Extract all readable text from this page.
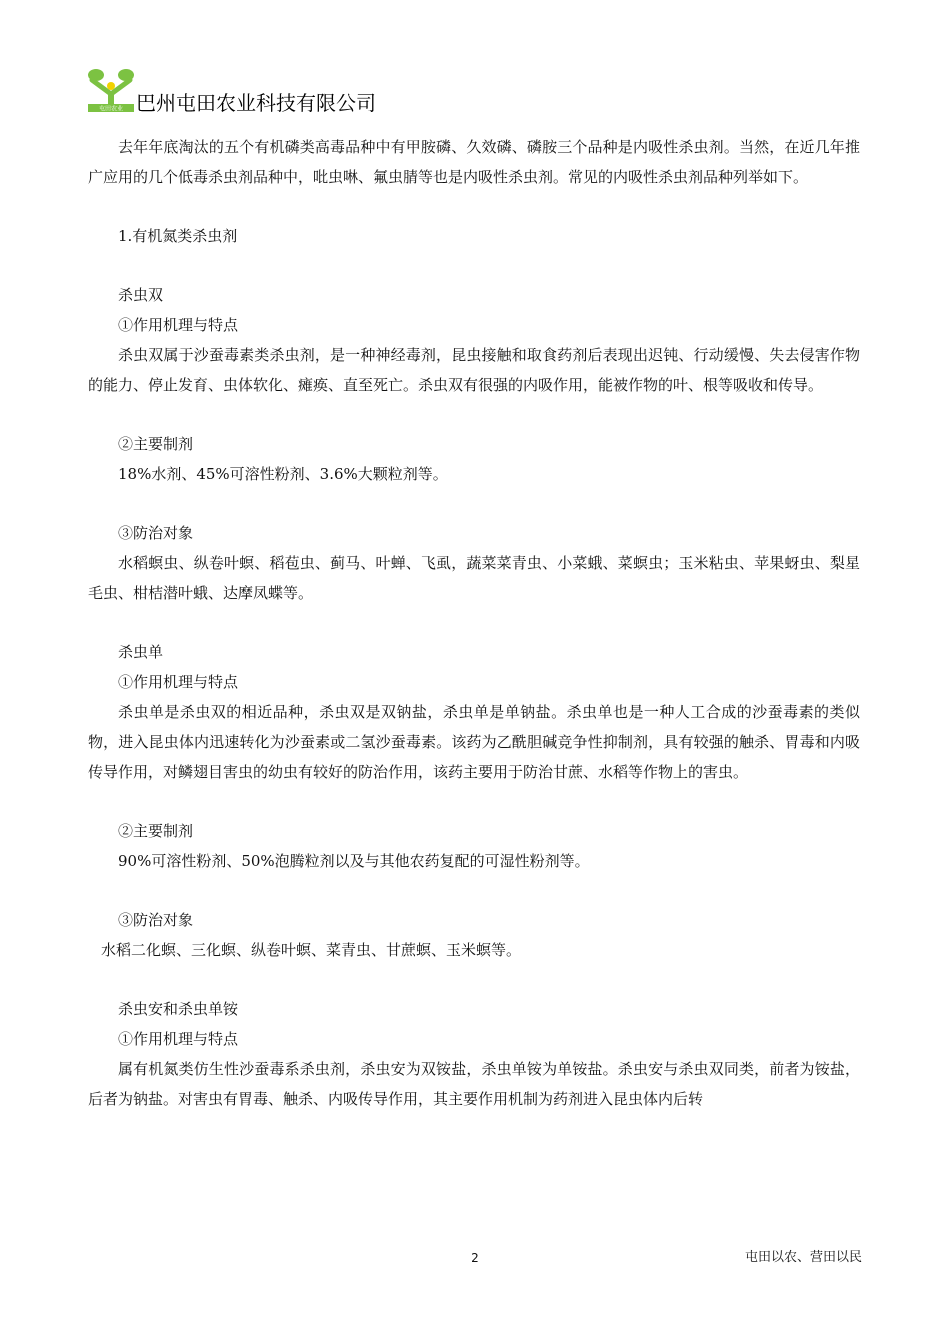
屯田农业 巴州屯田农业科技有限公司

去年年底淘汰的五个有机磷类高毒品种中有甲胺磷、久效磷、磷胺三个品种是内吸性杀虫剂。当然，在近几年推广应用的几个低毒杀虫剂品种中，吡虫啉、氟虫腈等也是内吸性杀虫剂。常见的内吸性杀虫剂品种列举如下。

1.有机氮类杀虫剂

杀虫双

①作用机理与特点

杀虫双属于沙蚕毒素类杀虫剂，是一种神经毒剂，昆虫接触和取食药剂后表现出迟钝、行动缓慢、失去侵害作物的能力、停止发育、虫体软化、瘫痪、直至死亡。杀虫双有很强的内吸作用，能被作物的叶、根等吸收和传导。

②主要制剂

18%水剂、45%可溶性粉剂、3.6%大颗粒剂等。

③防治对象

水稻螟虫、纵卷叶螟、稻苞虫、蓟马、叶蝉、飞虱，蔬菜菜青虫、小菜蛾、菜螟虫；玉米粘虫、苹果蚜虫、梨星毛虫、柑桔潜叶蛾、达摩凤蝶等。

杀虫单

①作用机理与特点

杀虫单是杀虫双的相近品种，杀虫双是双钠盐，杀虫单是单钠盐。杀虫单也是一种人工合成的沙蚕毒素的类似物，进入昆虫体内迅速转化为沙蚕素或二氢沙蚕毒素。该药为乙酰胆碱竞争性抑制剂，具有较强的触杀、胃毒和内吸传导作用，对鳞翅目害虫的幼虫有较好的防治作用，该药主要用于防治甘蔗、水稻等作物上的害虫。

②主要制剂

90%可溶性粉剂、50%泡腾粒剂以及与其他农药复配的可湿性粉剂等。

③防治对象

水稻二化螟、三化螟、纵卷叶螟、菜青虫、甘蔗螟、玉米螟等。

杀虫安和杀虫单铵

①作用机理与特点

属有机氮类仿生性沙蚕毒系杀虫剂，杀虫安为双铵盐，杀虫单铵为单铵盐。杀虫安与杀虫双同类，前者为铵盐，后者为钠盐。对害虫有胃毒、触杀、内吸传导作用，其主要作用机制为药剂进入昆虫体内后转

2	屯田以农、营田以民
